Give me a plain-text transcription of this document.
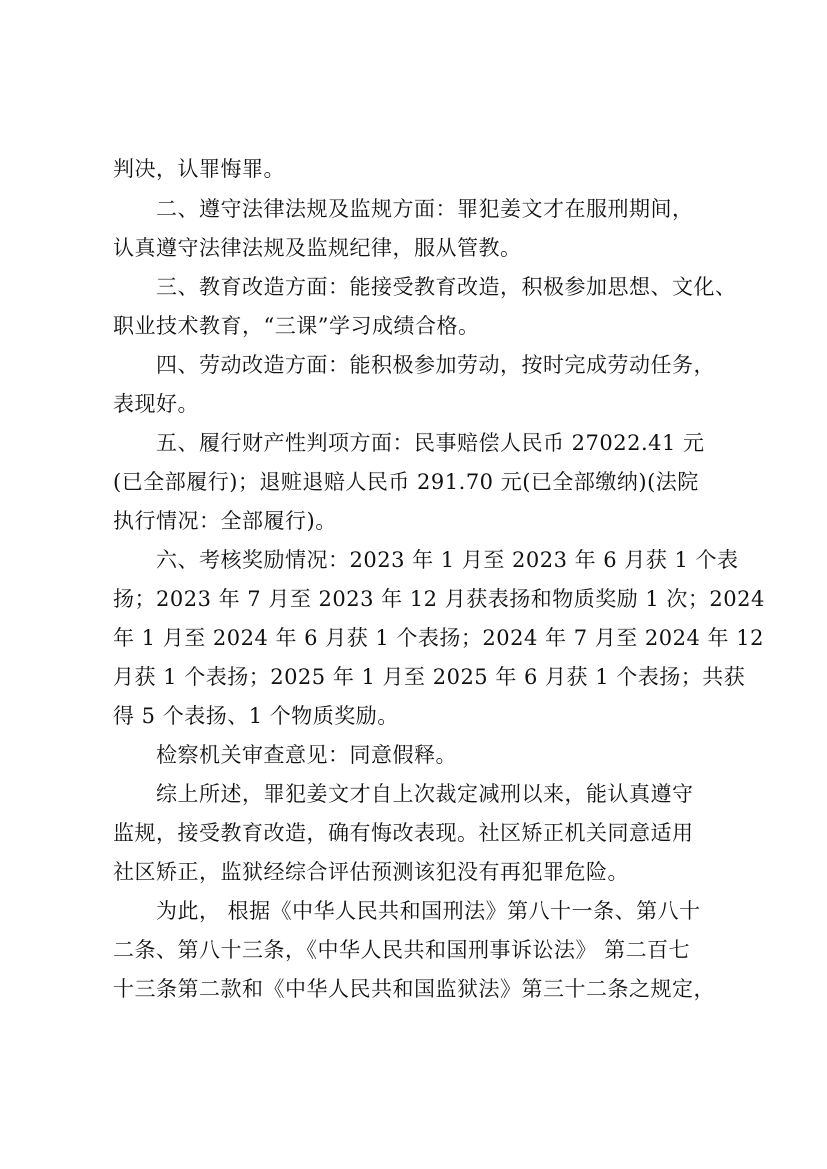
判决，认罪悔罪。
二、遵守法律法规及监规方面：罪犯姜文才在服刑期间，
认真遵守法律法规及监规纪律，服从管教。
三、教育改造方面：能接受教育改造，积极参加思想、文化、
职业技术教育，“三课”学习成绩合格。
四、劳动改造方面：能积极参加劳动，按时完成劳动任务，
表现好。
五、履行财产性判项方面：民事赔偿人民币 27022.41 元
(已全部履行)；退赃退赔人民币 291.70 元(已全部缴纳)(法院
执行情况：全部履行)。
六、考核奖励情况：2023 年 1 月至 2023 年 6 月获 1 个表
扬；2023 年 7 月至 2023 年 12 月获表扬和物质奖励 1 次；2024
年 1 月至 2024 年 6 月获 1 个表扬；2024 年 7 月至 2024 年 12
月获 1 个表扬；2025 年 1 月至 2025 年 6 月获 1 个表扬；共获
得 5 个表扬、1 个物质奖励。
检察机关审查意见：同意假释。
综上所述，罪犯姜文才自上次裁定减刑以来，能认真遵守
监规，接受教育改造，确有悔改表现。社区矫正机关同意适用
社区矫正，监狱经综合评估预测该犯没有再犯罪危险。
为此， 根据《中华人民共和国刑法》第八十一条、第八十
二条、第八十三条，《中华人民共和国刑事诉讼法》 第二百七
十三条第二款和《中华人民共和国监狱法》第三十二条之规定，
